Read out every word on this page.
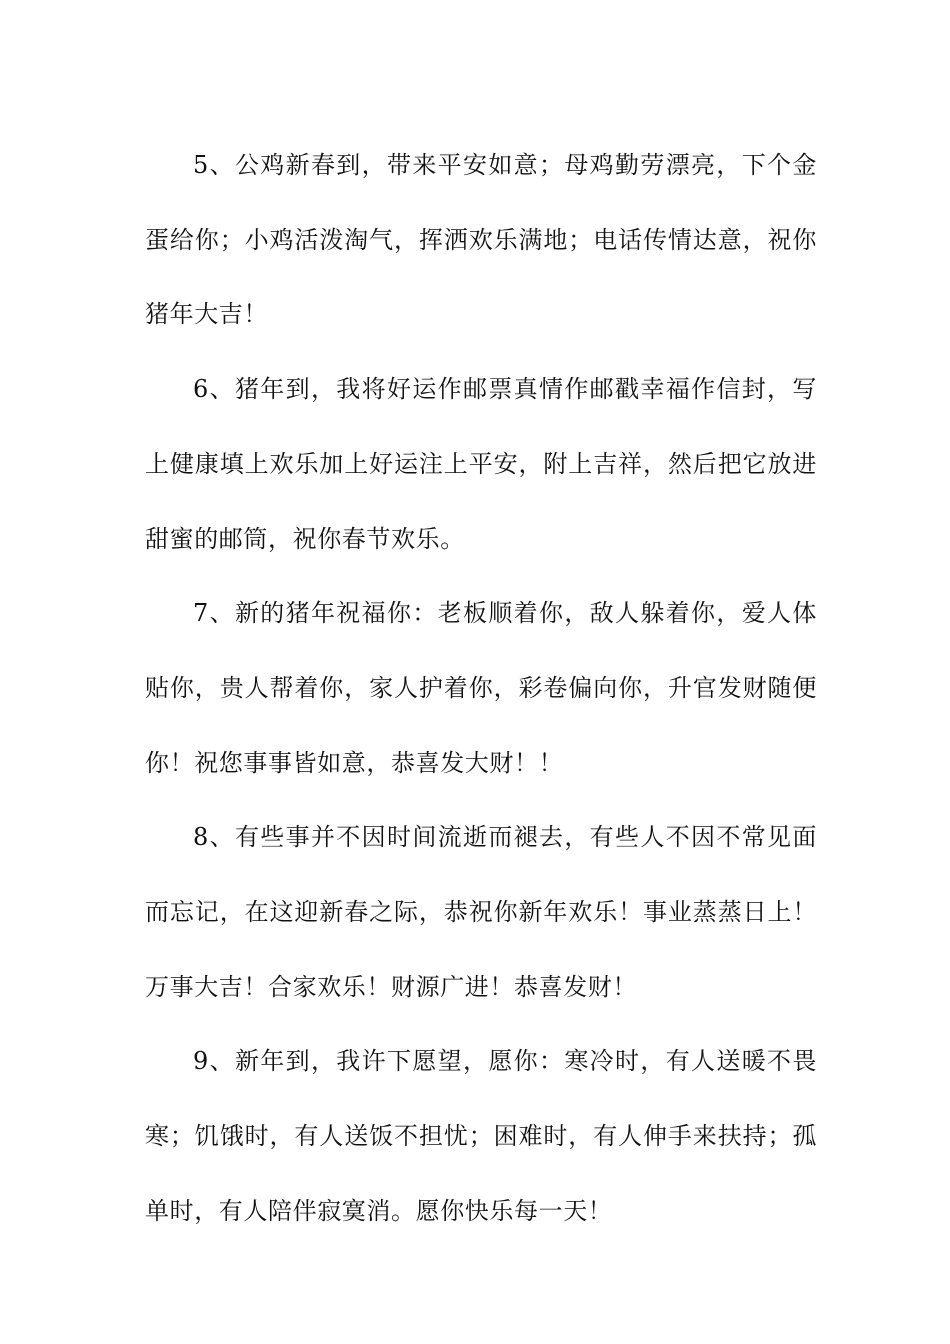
5、公鸡新春到，带来平安如意；母鸡勤劳漂亮，下个金蛋给你；小鸡活泼淘气，挥洒欢乐满地；电话传情达意，祝你猪年大吉！

6、猪年到，我将好运作邮票真情作邮戳幸福作信封，写上健康填上欢乐加上好运注上平安，附上吉祥，然后把它放进甜蜜的邮筒，祝你春节欢乐。

7、新的猪年祝福你：老板顺着你，敌人躲着你，爱人体贴你，贵人帮着你，家人护着你，彩卷偏向你，升官发财随便你！祝您事事皆如意，恭喜发大财！！

8、有些事并不因时间流逝而褪去，有些人不因不常见面而忘记，在这迎新春之际，恭祝你新年欢乐！事业蒸蒸日上！万事大吉！合家欢乐！财源广进！恭喜发财！

9、新年到，我许下愿望，愿你：寒冷时，有人送暖不畏寒；饥饿时，有人送饭不担忧；困难时，有人伸手来扶持；孤单时，有人陪伴寂寞消。愿你快乐每一天！
